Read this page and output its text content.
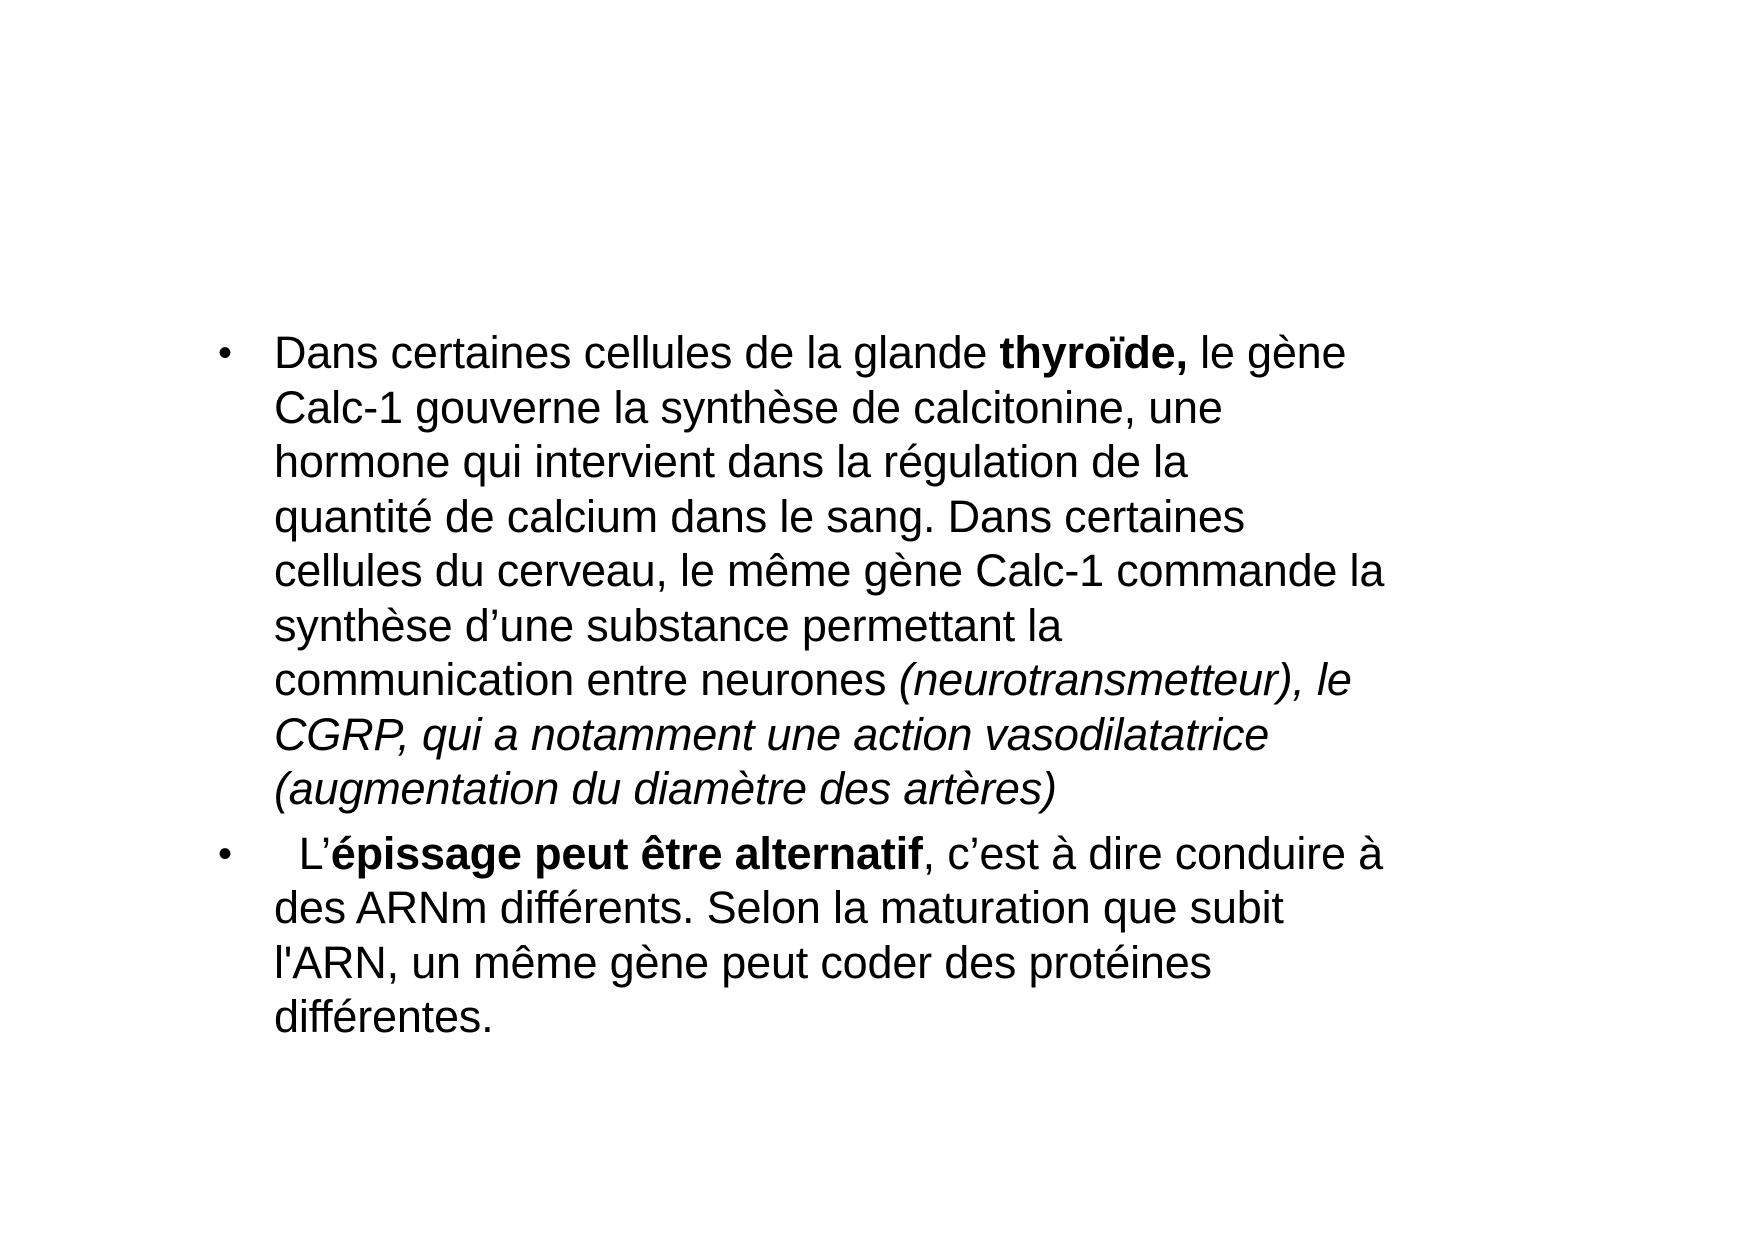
• Dans certaines cellules de la glande thyroïde, le gène
Calc-1 gouverne la synthèse de calcitonine, une
hormone qui intervient dans la régulation de la
quantité de calcium dans le sang. Dans certaines
cellules du cerveau, le même gène Calc-1 commande la
synthèse d’une substance permettant la
communication entre neurones (neurotransmetteur), le
CGRP, qui a notamment une action vasodilatatrice
(augmentation du diamètre des artères)
• L’épissage peut être alternatif, c’est à dire conduire à
des ARNm différents. Selon la maturation que subit
l'ARN, un même gène peut coder des protéines
différentes.
